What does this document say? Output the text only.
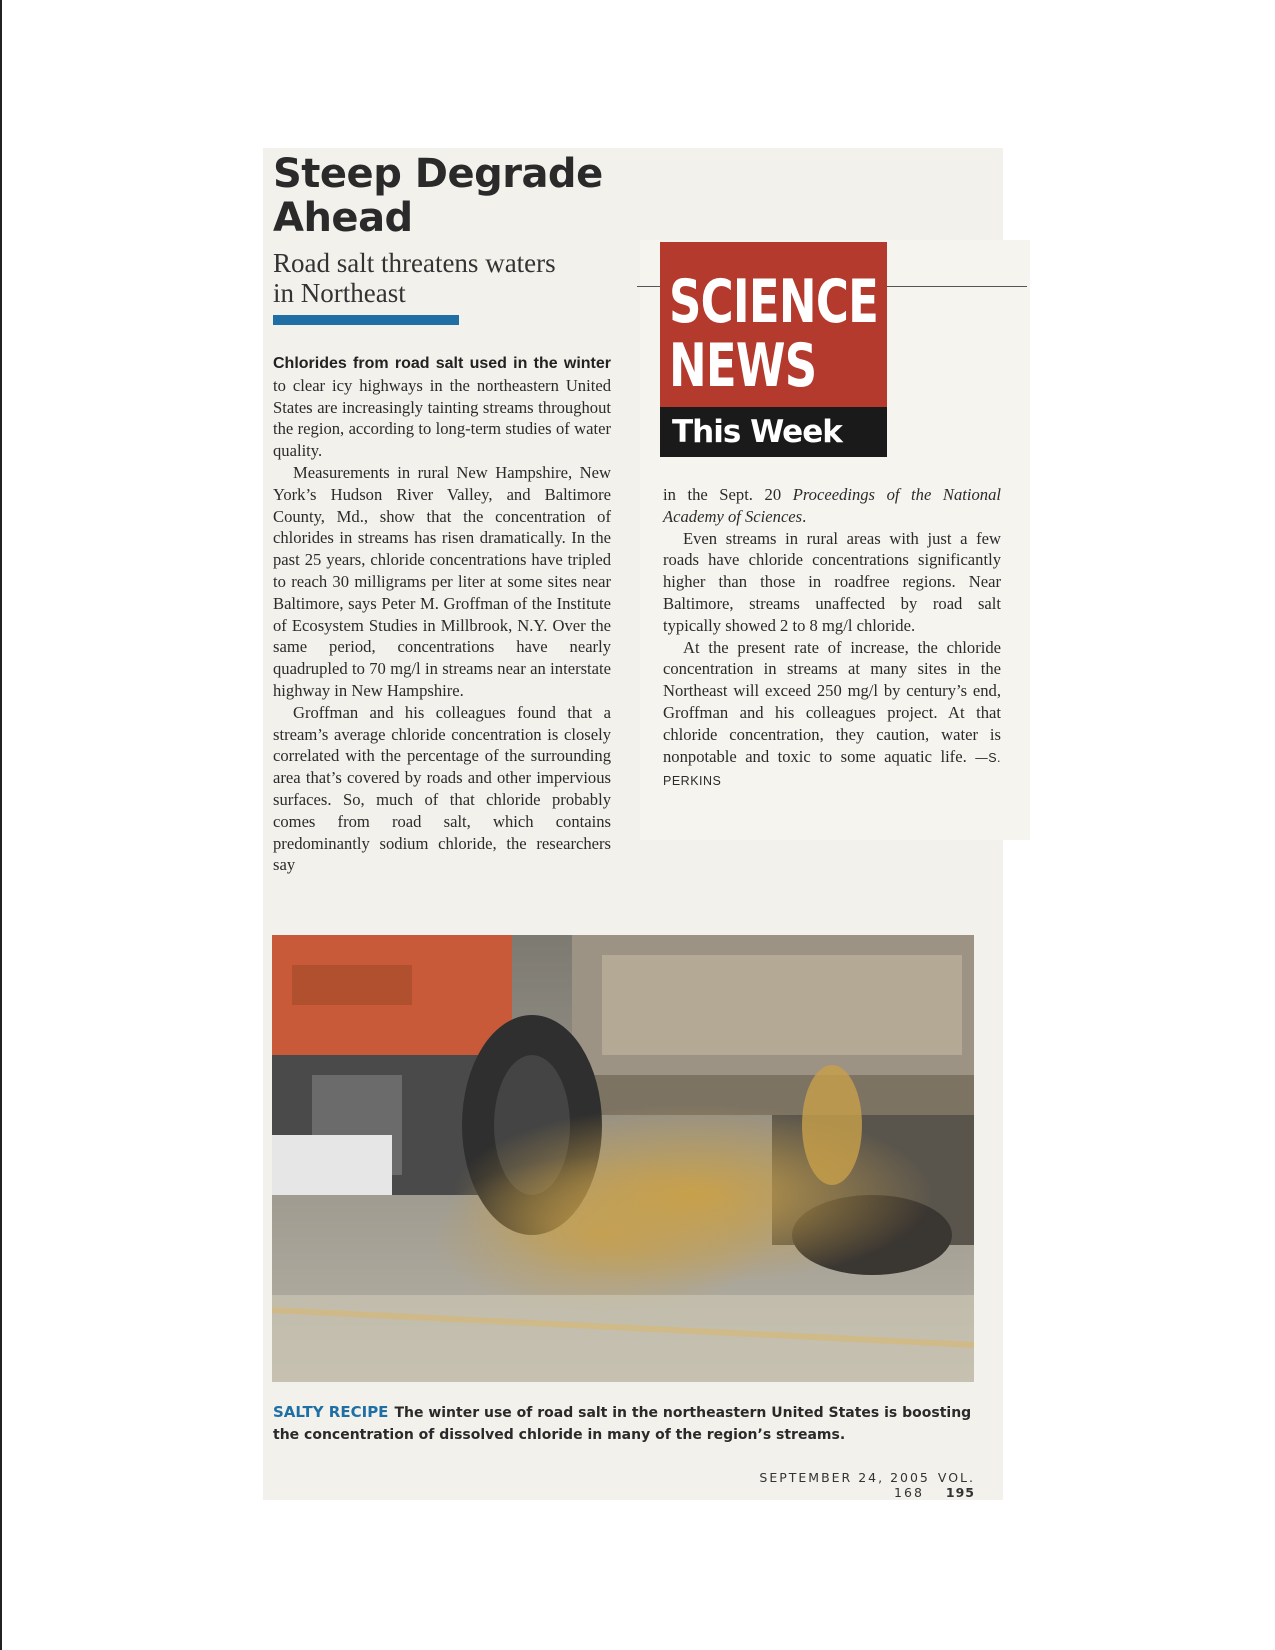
Steep Degrade Ahead
Road salt threatens waters in Northeast

Chlorides from road salt used in the winter to clear icy highways in the northeastern United States are increasingly tainting streams throughout the region, according to long-term studies of water quality.

Measurements in rural New Hampshire, New York’s Hudson River Valley, and Baltimore County, Md., show that the concentration of chlorides in streams has risen dramatically. In the past 25 years, chloride concentrations have tripled to reach 30 milligrams per liter at some sites near Baltimore, says Peter M. Groffman of the Institute of Ecosystem Studies in Millbrook, N.Y. Over the same period, concentrations have nearly quadrupled to 70 mg/l in streams near an interstate highway in New Hampshire.

Groffman and his colleagues found that a stream’s average chloride concentration is closely correlated with the percentage of the surrounding area that’s covered by roads and other impervious surfaces. So, much of that chloride probably comes from road salt, which contains predominantly sodium chloride, the researchers say

SCIENCE
NEWS
This Week

in the Sept. 20 Proceedings of the National Academy of Sciences.

Even streams in rural areas with just a few roads have chloride concentrations significantly higher than those in roadfree regions. Near Baltimore, streams unaffected by road salt typically showed 2 to 8 mg/l chloride.

At the present rate of increase, the chloride concentration in streams at many sites in the Northeast will exceed 250 mg/l by century’s end, Groffman and his colleagues project. At that chloride concentration, they caution, water is nonpotable and toxic to some aquatic life. —S. PERKINS

SALTY RECIPE The winter use of road salt in the northeastern United States is boosting the concentration of dissolved chloride in many of the region’s streams.
SEPTEMBER 24, 2005 VOL. 168 195
